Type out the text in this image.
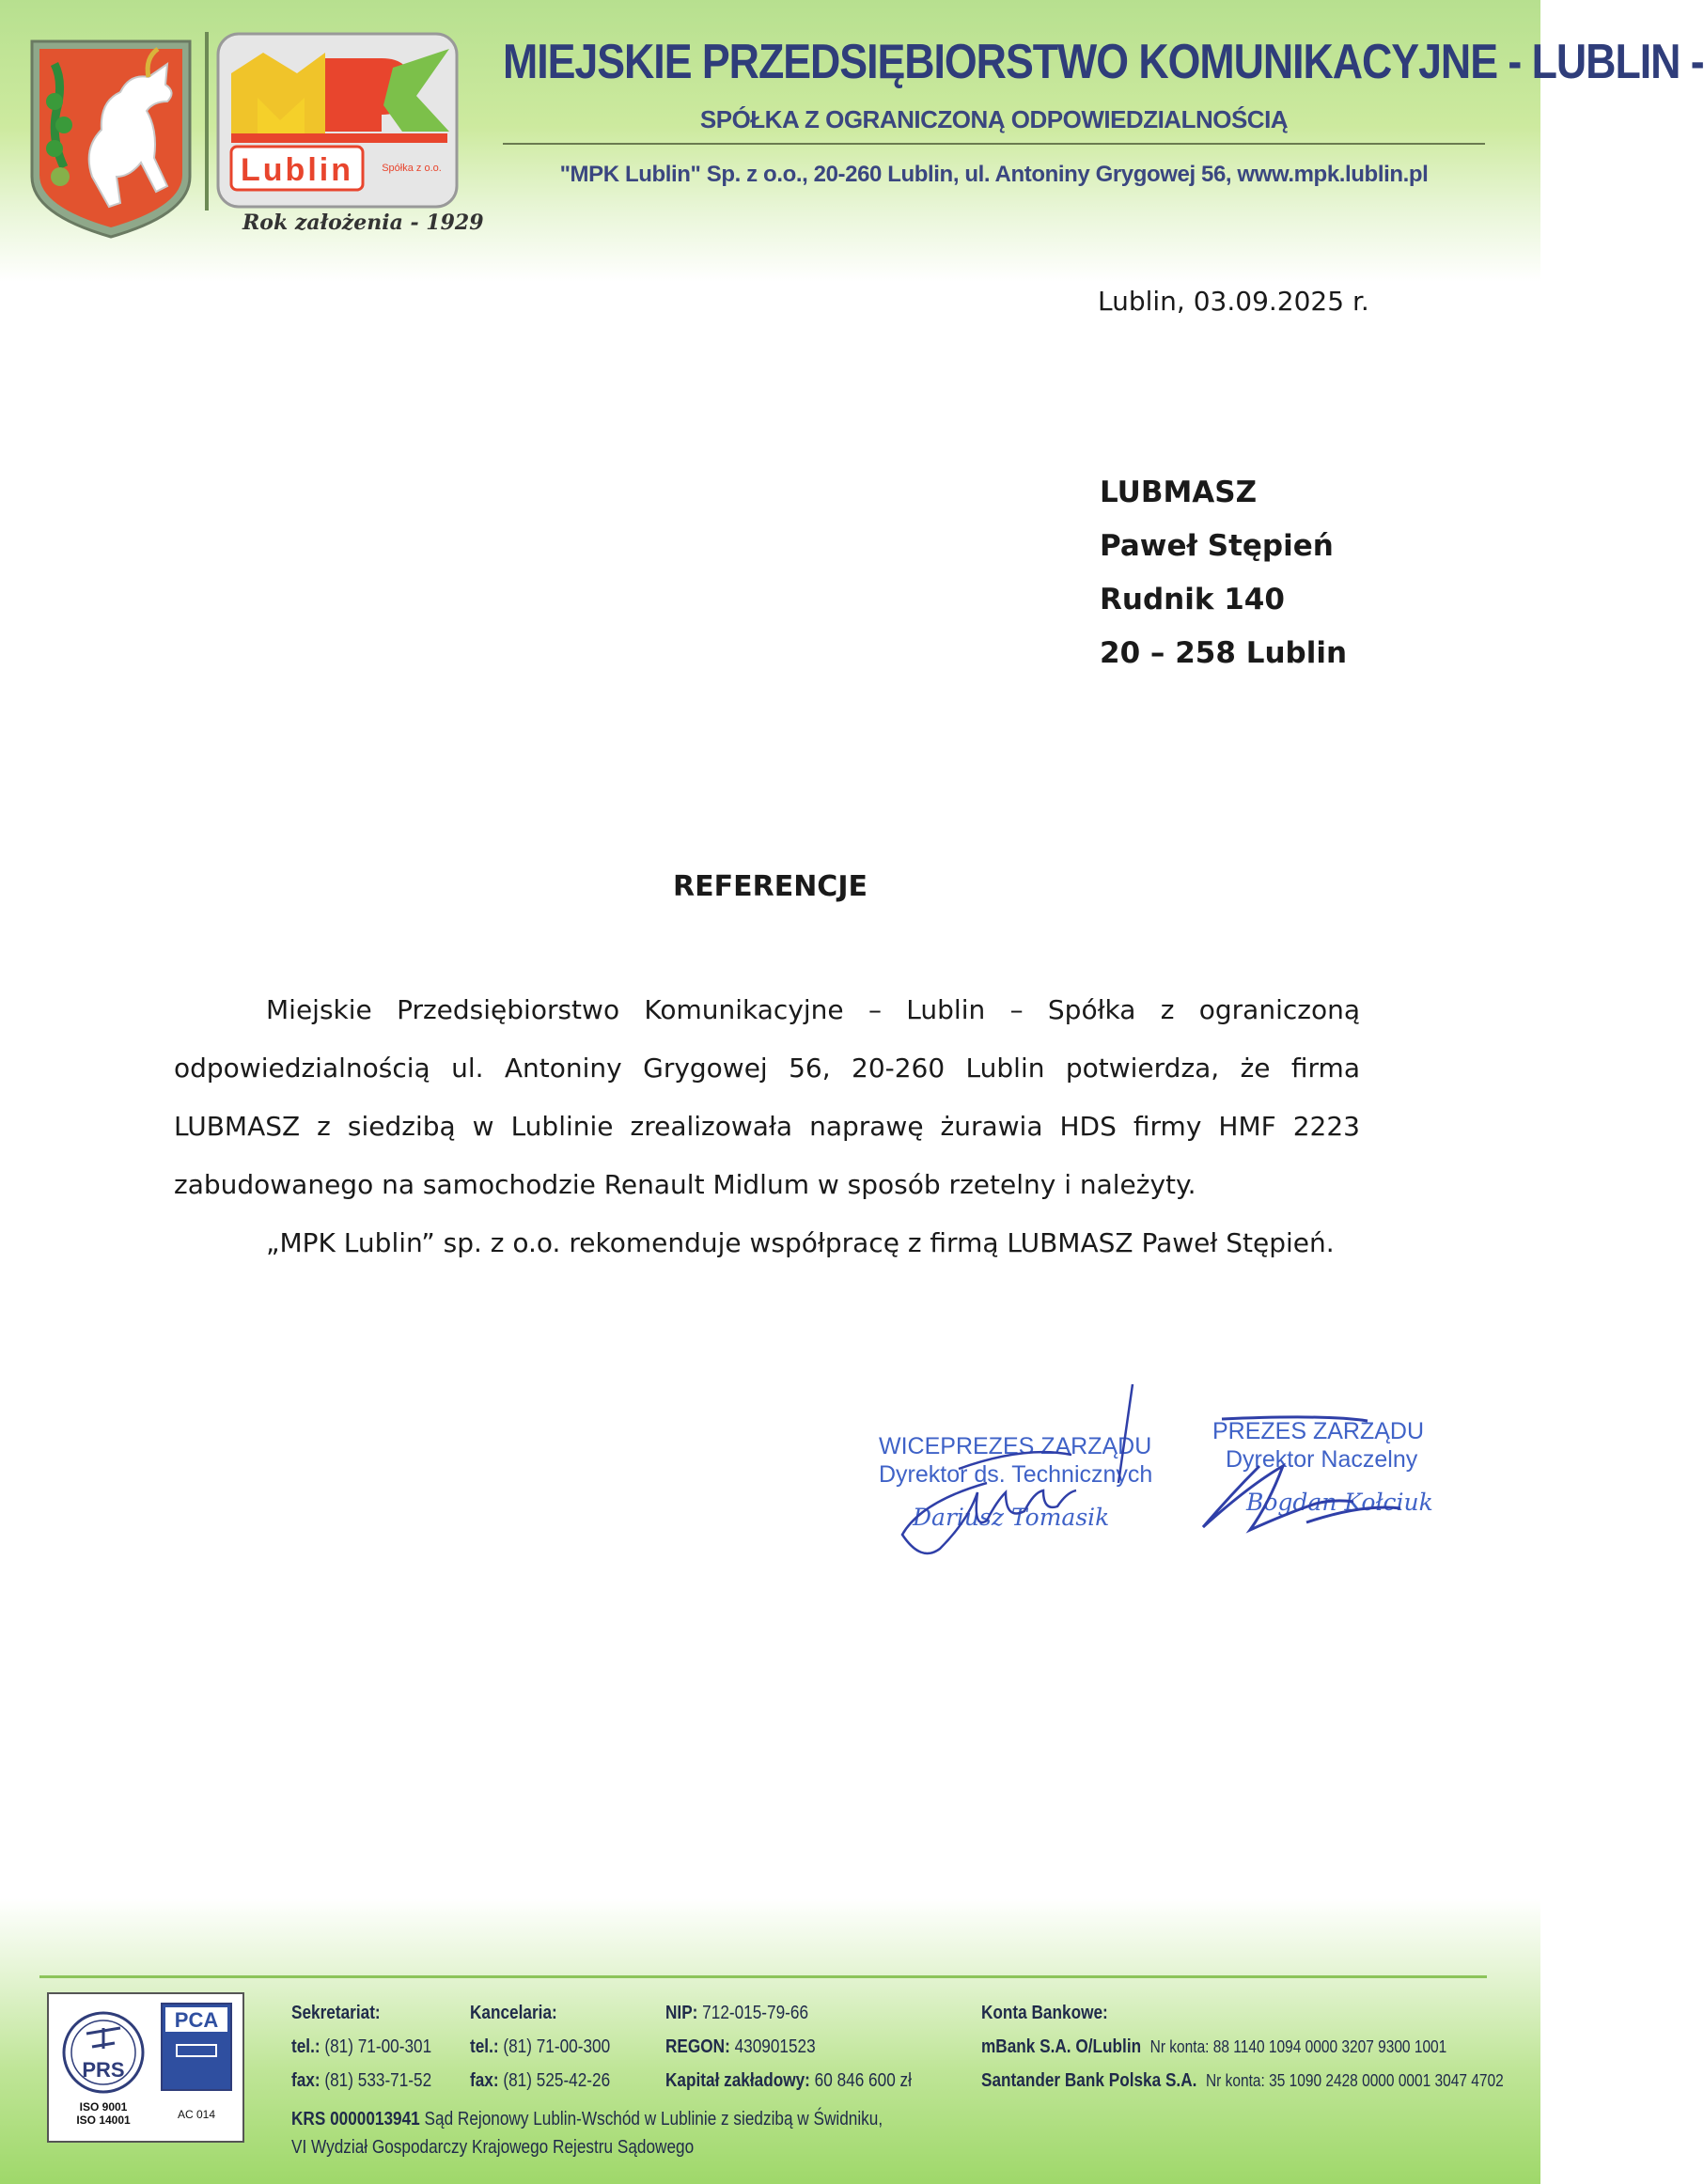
Lublin	Spółka z o.o.
Rok założenia - 1929
MIEJSKIE PRZEDSIĘBIORSTWO KOMUNIKACYJNE - LUBLIN -
SPÓŁKA Z OGRANICZONĄ ODPOWIEDZIALNOŚCIĄ
"MPK Lublin" Sp. z o.o., 20-260 Lublin, ul. Antoniny Grygowej 56, www.mpk.lublin.pl
Lublin, 03.09.2025 r.
LUBMASZ
Paweł Stępień
Rudnik 140
20 – 258 Lublin
REFERENCJE

Miejskie Przedsiębiorstwo Komunikacyjne – Lublin – Spółka z ograniczoną odpowiedzialnością ul. Antoniny Grygowej 56, 20-260 Lublin potwierdza, że firma LUBMASZ z siedzibą w Lublinie zrealizowała naprawę żurawia HDS firmy HMF 2223 zabudowanego na samochodzie Renault Midlum w sposób rzetelny i należyty.

„MPK Lublin” sp. z o.o. rekomenduje współpracę z firmą LUBMASZ Paweł Stępień.

WICEPREZES ZARZĄDU
Dyrektor ds. Technicznych
Dariusz Tomasik
PREZES ZARZĄDU
Dyrektor Naczelny
Bogdan Kołciuk
PRS
ISO 9001
ISO 14001
PCA
AC 014
Sekretariat:
tel.: (81) 71-00-301
fax: (81) 533-71-52
Kancelaria:
tel.: (81) 71-00-300
fax: (81) 525-42-26
NIP: 712-015-79-66
REGON: 430901523
Kapitał zakładowy: 60 846 600 zł
Konta Bankowe:
mBank S.A. O/Lublin Nr konta: 88 1140 1094 0000 3207 9300 1001
Santander Bank Polska S.A. Nr konta: 35 1090 2428 0000 0001 3047 4702
KRS 0000013941 Sąd Rejonowy Lublin-Wschód w Lublinie z siedzibą w Świdniku,
VI Wydział Gospodarczy Krajowego Rejestru Sądowego
